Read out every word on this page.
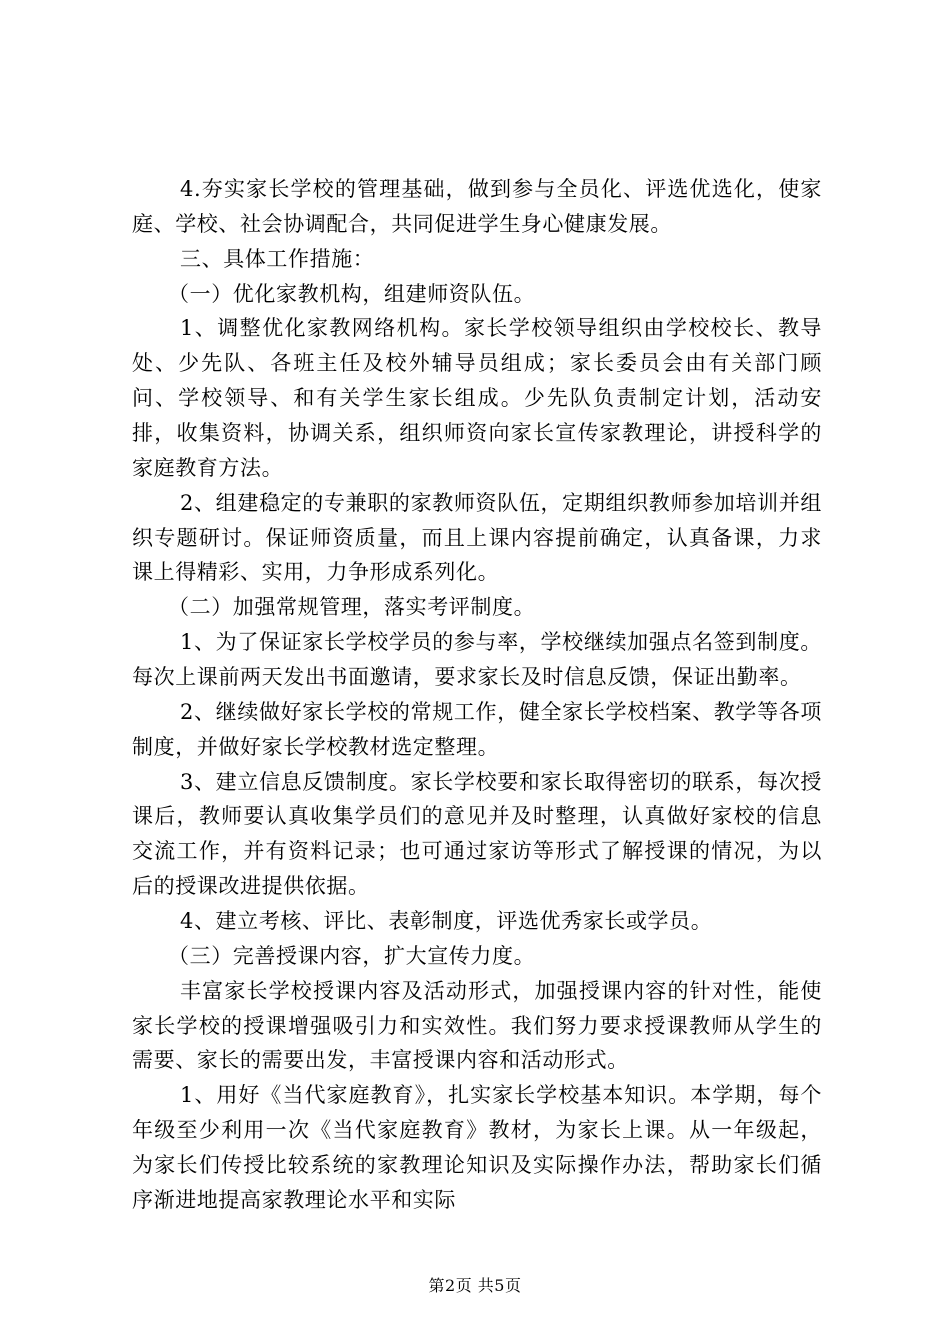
4.夯实家长学校的管理基础，做到参与全员化、评选优选化，使家庭、学校、社会协调配合，共同促进学生身心健康发展。

三、具体工作措施：

（一）优化家教机构，组建师资队伍。

1、调整优化家教网络机构。家长学校领导组织由学校校长、教导处、少先队、各班主任及校外辅导员组成；家长委员会由有关部门顾问、学校领导、和有关学生家长组成。少先队负责制定计划，活动安排，收集资料，协调关系，组织师资向家长宣传家教理论，讲授科学的家庭教育方法。

2、组建稳定的专兼职的家教师资队伍，定期组织教师参加培训并组织专题研讨。保证师资质量，而且上课内容提前确定，认真备课，力求课上得精彩、实用，力争形成系列化。

（二）加强常规管理，落实考评制度。

1、为了保证家长学校学员的参与率，学校继续加强点名签到制度。每次上课前两天发出书面邀请，要求家长及时信息反馈，保证出勤率。

2、继续做好家长学校的常规工作，健全家长学校档案、教学等各项制度，并做好家长学校教材选定整理。

3、建立信息反馈制度。家长学校要和家长取得密切的联系，每次授课后，教师要认真收集学员们的意见并及时整理，认真做好家校的信息交流工作，并有资料记录；也可通过家访等形式了解授课的情况，为以后的授课改进提供依据。

4、建立考核、评比、表彰制度，评选优秀家长或学员。

（三）完善授课内容，扩大宣传力度。

丰富家长学校授课内容及活动形式，加强授课内容的针对性，能使家长学校的授课增强吸引力和实效性。我们努力要求授课教师从学生的需要、家长的需要出发，丰富授课内容和活动形式。

1、用好《当代家庭教育》，扎实家长学校基本知识。本学期，每个年级至少利用一次《当代家庭教育》教材，为家长上课。从一年级起，为家长们传授比较系统的家教理论知识及实际操作办法，帮助家长们循序渐进地提高家教理论水平和实际

第2页 共5页
